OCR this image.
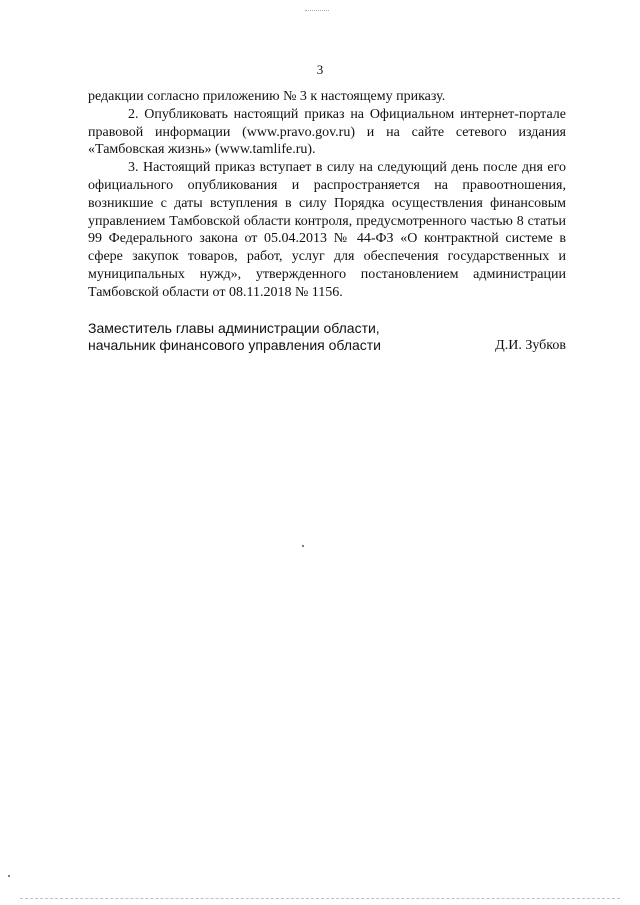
3

редакции согласно приложению № 3 к настоящему приказу.

2. Опубликовать настоящий приказ на Официальном интернет-портале правовой информации (www.pravo.gov.ru) и на сайте сетевого издания «Тамбовская жизнь» (www.tamlife.ru).

3. Настоящий приказ вступает в силу на следующий день после дня его официального опубликования и распространяется на правоотношения, возникшие с даты вступления в силу Порядка осуществления финансовым управлением Тамбовской области контроля, предусмотренного частью 8 статьи 99 Федерального закона от 05.04.2013 № 44-ФЗ «О контрактной системе в сфере закупок товаров, работ, услуг для обеспечения государственных и муниципальных нужд», утвержденного постановлением администрации Тамбовской области от 08.11.2018 № 1156.

Заместитель главы администрации области,
начальник финансового управления области	Д.И. Зубков
